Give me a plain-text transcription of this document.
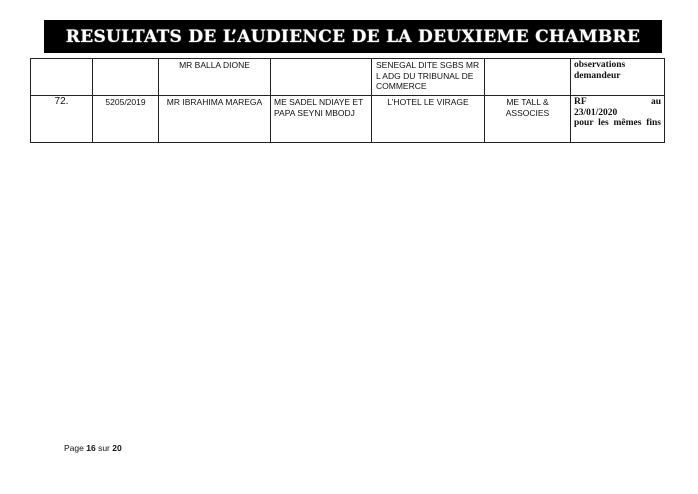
RESULTATS DE L’AUDIENCE DE LA DEUXIEME CHAMBRE
		MR BALLA DIONE		SENEGAL DITE SGBS MR L ADG DU TRIBUNAL DE COMMERCE		observations
demandeur

72.	5205/2019	MR IBRAHIMA MAREGA	ME SADEL NDIAYE ET PAPA SEYNI MBODJ	L’HOTEL LE VIRAGE	ME TALL & ASSOCIES	RF au
23/01/2020
pour les mêmes fins
Page 16 sur 20
